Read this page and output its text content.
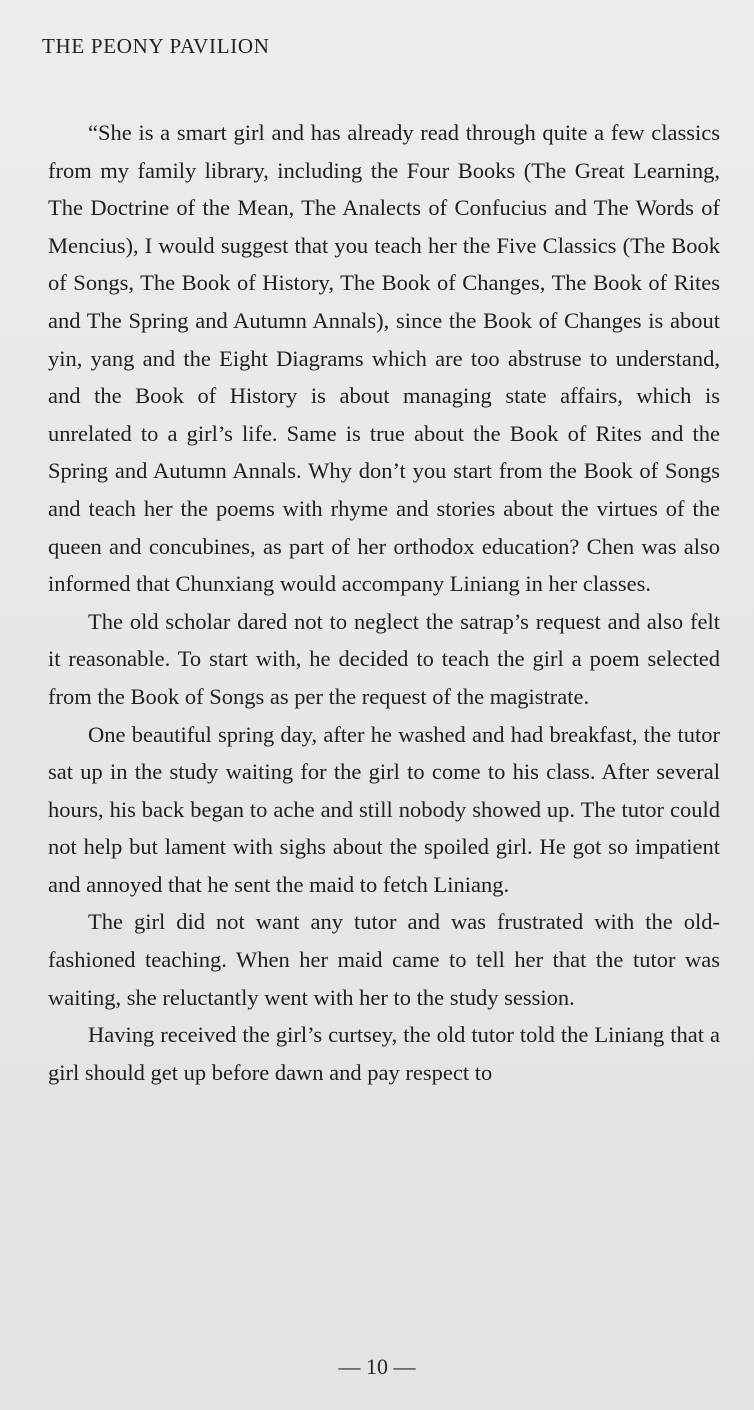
THE PEONY PAVILION

“She is a smart girl and has already read through quite a few classics from my family library, including the Four Books (The Great Learning, The Doctrine of the Mean, The Analects of Confucius and The Words of Mencius), I would suggest that you teach her the Five Classics (The Book of Songs, The Book of History, The Book of Changes, The Book of Rites and The Spring and Autumn Annals), since the Book of Changes is about yin, yang and the Eight Diagrams which are too abstruse to understand, and the Book of History is about managing state affairs, which is unrelated to a girl’s life. Same is true about the Book of Rites and the Spring and Autumn Annals. Why don’t you start from the Book of Songs and teach her the poems with rhyme and stories about the virtues of the queen and concubines, as part of her orthodox education? Chen was also informed that Chunxiang would accompany Liniang in her classes.

The old scholar dared not to neglect the satrap’s request and also felt it reasonable. To start with, he decided to teach the girl a poem selected from the Book of Songs as per the request of the magistrate.

One beautiful spring day, after he washed and had breakfast, the tutor sat up in the study waiting for the girl to come to his class. After several hours, his back began to ache and still nobody showed up. The tutor could not help but lament with sighs about the spoiled girl. He got so impatient and annoyed that he sent the maid to fetch Liniang.

The girl did not want any tutor and was frustrated with the old-fashioned teaching. When her maid came to tell her that the tutor was waiting, she reluctantly went with her to the study session.

Having received the girl’s curtsey, the old tutor told the Liniang that a girl should get up before dawn and pay respect to

— 10 —
